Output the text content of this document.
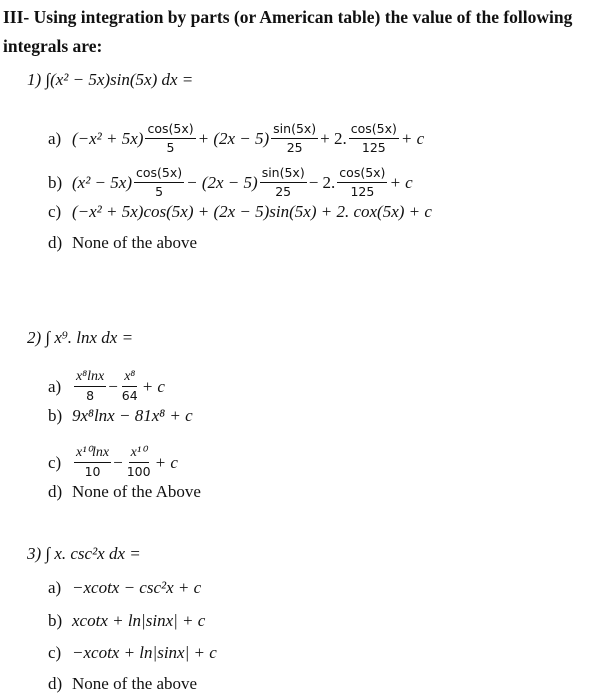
III- Using integration by parts (or American table) the value of the following integrals are:
1) ∫(x² − 5x)sin(5x) dx =
a) $(-x^2 + 5x) \frac{\cos(5x)}{5} + (2x - 5) \frac{\sin(5x)}{25} + 2$. $\frac{\cos(5x)}{125} + c$
b) $(x^2 - 5x) \frac{\cos(5x)}{5} - (2x - 5) \frac{\sin(5x)}{25} - 2$. $\frac{\cos(5x)}{125} + c$
c) (−x² + 5x)cos(5x) + (2x − 5)sin(5x) + 2. cox(5x) + c
d) None of the above
2) ∫ x⁹. lnx dx =
$a) \frac{\text{x⁸lnx}}{8} - \frac{\text{x⁸}}{64} + c$
b) 9x⁸lnx − 81x⁸ + c
$c) \frac{\text{x¹⁰lnx}}{10} - \frac{\text{x¹⁰}}{100} + c$
d) None of the Above
3) ∫ x. csc²x dx =
a) −xcotx − csc²x + c
b) xcotx + ln|sinx| + c
c) −xcotx + ln|sinx| + c
d) None of the above
